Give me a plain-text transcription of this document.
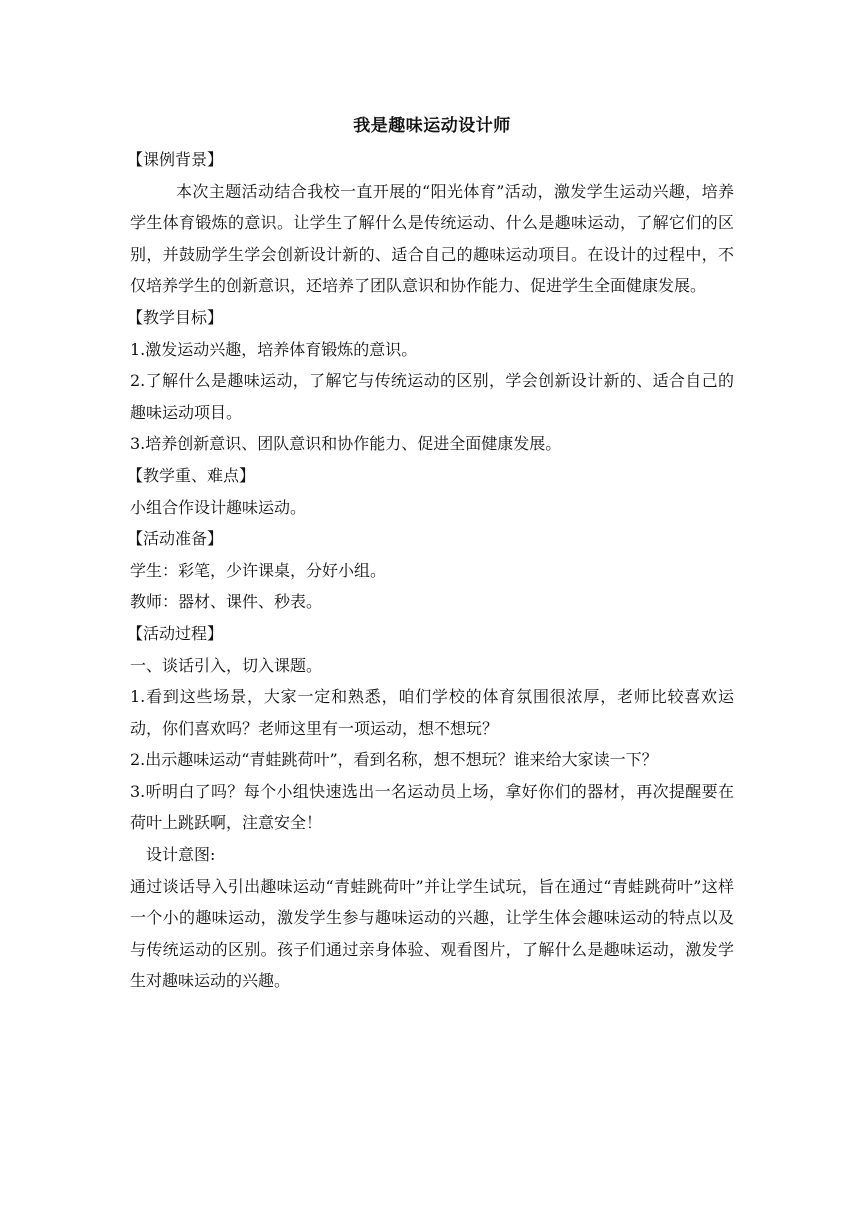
我是趣味运动设计师

【课例背景】

本次主题活动结合我校一直开展的“阳光体育”活动，激发学生运动兴趣，培养学生体育锻炼的意识。让学生了解什么是传统运动、什么是趣味运动，了解它们的区别，并鼓励学生学会创新设计新的、适合自己的趣味运动项目。在设计的过程中，不仅培养学生的创新意识，还培养了团队意识和协作能力、促进学生全面健康发展。

【教学目标】

1.激发运动兴趣，培养体育锻炼的意识。

2.了解什么是趣味运动，了解它与传统运动的区别，学会创新设计新的、适合自己的趣味运动项目。

3.培养创新意识、团队意识和协作能力、促进全面健康发展。

【教学重、难点】

小组合作设计趣味运动。

【活动准备】

学生：彩笔，少许课桌，分好小组。

教师：器材、课件、秒表。

【活动过程】

一、谈话引入，切入课题。

1.看到这些场景，大家一定和熟悉，咱们学校的体育氛围很浓厚，老师比较喜欢运动，你们喜欢吗？老师这里有一项运动，想不想玩？

2.出示趣味运动“青蛙跳荷叶”，看到名称，想不想玩？谁来给大家读一下？

3.听明白了吗？每个小组快速选出一名运动员上场，拿好你们的器材，再次提醒要在荷叶上跳跃啊，注意安全！

设计意图:

通过谈话导入引出趣味运动“青蛙跳荷叶”并让学生试玩，旨在通过“青蛙跳荷叶”这样一个小的趣味运动，激发学生参与趣味运动的兴趣，让学生体会趣味运动的特点以及与传统运动的区别。孩子们通过亲身体验、观看图片，了解什么是趣味运动，激发学生对趣味运动的兴趣。
